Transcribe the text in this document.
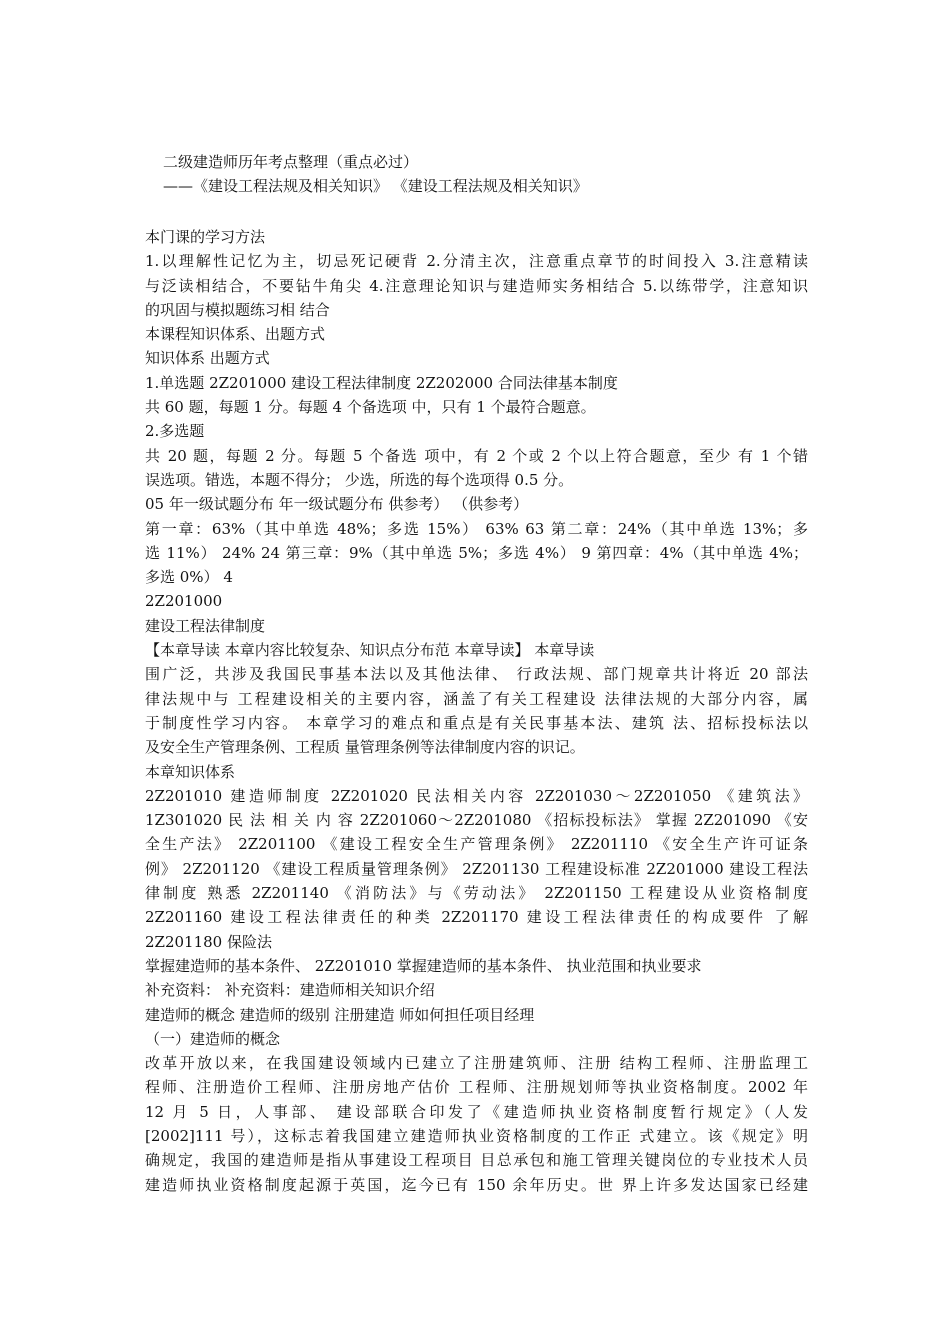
二级建造师历年考点整理（重点必过）
——《建设工程法规及相关知识》 《建设工程法规及相关知识》
本门课的学习方法
1.以理解性记忆为主，切忌死记硬背 2.分清主次，注意重点章节的时间投入 3.注意精读
与泛读相结合，不要钻牛角尖 4.注意理论知识与建造师实务相结合 5.以练带学，注意知识
的巩固与模拟题练习相 结合
本课程知识体系、出题方式
知识体系 出题方式
1.单选题 2Z201000 建设工程法律制度 2Z202000 合同法律基本制度
共 60 题，每题 1 分。每题 4 个备选项 中，只有 1 个最符合题意。
2.多选题
共 20 题，每题 2 分。每题 5 个备选 项中，有 2 个或 2 个以上符合题意，至少 有 1 个错
误选项。错选，本题不得分； 少选，所选的每个选项得 0.5 分。
05 年一级试题分布 年一级试题分布 供参考） （供参考）
第一章：63%（其中单选 48%；多选 15%） 63% 63 第二章：24%（其中单选 13%；多
选 11%） 24% 24 第三章：9%（其中单选 5%；多选 4%） 9 第四章：4%（其中单选 4%；
多选 0%） 4
2Z201000
建设工程法律制度
【本章导读 本章内容比较复杂、知识点分布范 本章导读】 本章导读
围广泛，共涉及我国民事基本法以及其他法律、 行政法规、部门规章共计将近 20 部法
律法规中与 工程建设相关的主要内容，涵盖了有关工程建设 法律法规的大部分内容，属
于制度性学习内容。 本章学习的难点和重点是有关民事基本法、建筑 法、招标投标法以
及安全生产管理条例、工程质 量管理条例等法律制度内容的识记。
本章知识体系
2Z201010 建造师制度 2Z201020 民法相关内容 2Z201030～2Z201050 《建筑法》
1Z301020 民 法 相 关 内 容 2Z201060～2Z201080 《招标投标法》 掌握 2Z201090 《安
全生产法》 2Z201100 《建设工程安全生产管理条例》 2Z201110 《安全生产许可证条
例》 2Z201120 《建设工程质量管理条例》 2Z201130 工程建设标准 2Z201000 建设工程法
律制度 熟悉 2Z201140 《消防法》与《劳动法》 2Z201150 工程建设从业资格制度
2Z201160 建设工程法律责任的种类 2Z201170 建设工程法律责任的构成要件 了解
2Z201180 保险法
掌握建造师的基本条件、 2Z201010 掌握建造师的基本条件、 执业范围和执业要求
补充资料： 补充资料：建造师相关知识介绍
建造师的概念 建造师的级别 注册建造 师如何担任项目经理
（一）建造师的概念
改革开放以来，在我国建设领域内已建立了注册建筑师、注册 结构工程师、注册监理工
程师、注册造价工程师、注册房地产估价 工程师、注册规划师等执业资格制度。2002 年
12 月 5 日，人事部、 建设部联合印发了《建造师执业资格制度暂行规定》（人发
[2002]111 号），这标志着我国建立建造师执业资格制度的工作正 式建立。该《规定》明
确规定，我国的建造师是指从事建设工程项目 目总承包和施工管理关键岗位的专业技术人员
建造师执业资格制度起源于英国，迄今已有 150 余年历史。世 界上许多发达国家已经建
